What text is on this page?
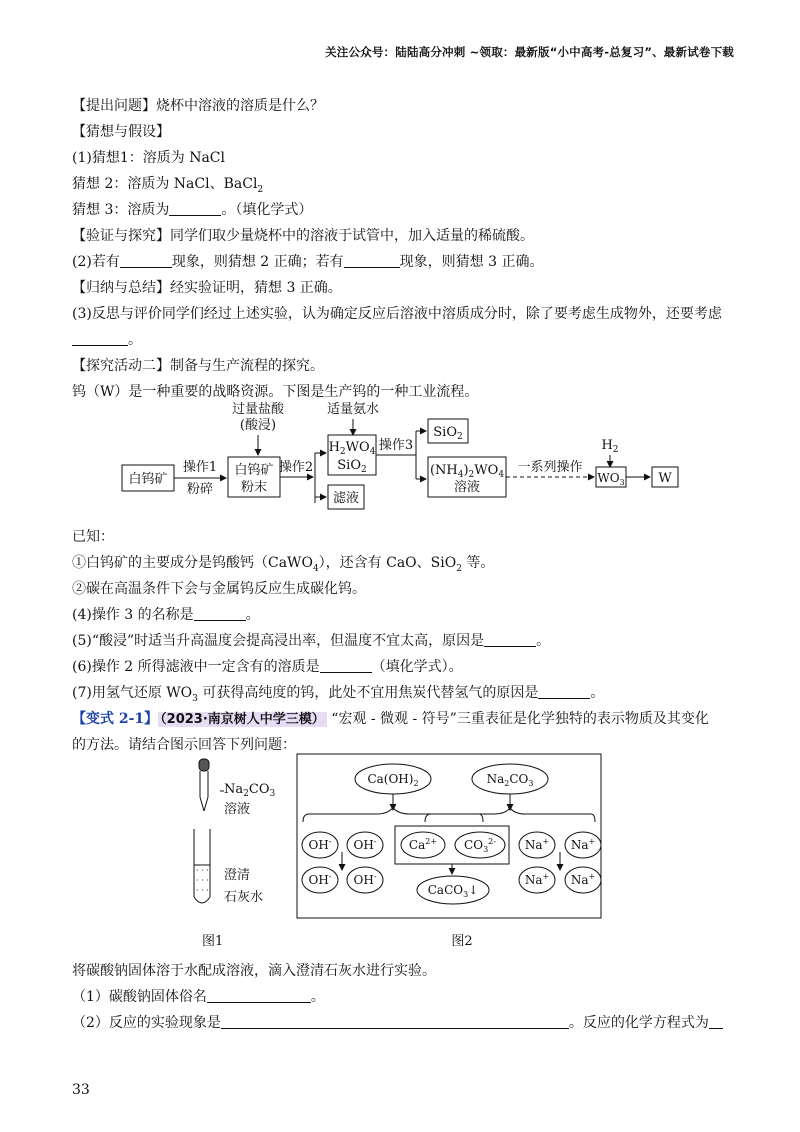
关注公众号：陆陆高分冲刺 ~领取：最新版“小中高考-总复习”、最新试卷下载
【提出问题】烧杯中溶液的溶质是什么？
【猜想与假设】
(1)猜想1：溶质为 NaCl
猜想 2：溶质为 NaCl、BaCl$_2$
猜想 3：溶质为	。（填化学式）
【验证与探究】同学们取少量烧杯中的溶液于试管中，加入适量的稀硫酸。
(2)若有	现象，则猜想 2 正确；若有	现象，则猜想 3 正确。
【归纳与总结】经实验证明，猜想 3 正确。
(3)反思与评价同学们经过上述实验，认为确定反应后溶液中溶质成分时，除了要考虑生成物外，还要考虑
。
【探究活动二】制备与生产流程的探究。
钨（W）是一种重要的战略资源。下图是生产钨的一种工业流程。
过量盐酸
(酸浸)
适量氨水
白钨矿
操作1
粉碎
白钨矿
粉末
操作2
$H_2WO_4$
SiO$_2$
滤液
操作3
SiO$_2$
$(NH_4)_2WO_4$
溶液
一系列操作
$H_2$
$WO_3$	W
已知：
①白钨矿的主要成分是钨酸钙（CaWO$_4$），还含有 CaO、SiO$_2$ 等。
②碳在高温条件下会与金属钨反应生成碳化钨。
(4)操作 3 的名称是	。
(5)“酸浸”时适当升高温度会提高浸出率，但温度不宜太高，原因是	。
(6)操作 2 所得滤液中一定含有的溶质是	（填化学式）。
(7)用氢气还原 $WO_3$ 可获得高纯度的钨，此处不宜用焦炭代替氢气的原因是	。
【变式 2-1】 （2023·南京树人中学三模） “宏观 - 微观 - 符号”三重表征是化学独特的表示物质及其变化
的方法。请结合图示回答下列问题：
· · ·
· · ·
· · ·
$Na_2CO_3$
溶液
澄清
石灰水
图1
$Ca(OH)_2$	$Na_2CO_3$
OH- OH-	$Ca^{2+}$ $CO_3^{2-}$ Na+ Na+
OH- OH-
CaCO$_3$↓
Na+ Na+
图2
将碳酸钠固体溶于水配成溶液，滴入澄清石灰水进行实验。
（1）碳酸钠固体俗名	。
（2）反应的实验现象是	。反应的化学方程式为
33
